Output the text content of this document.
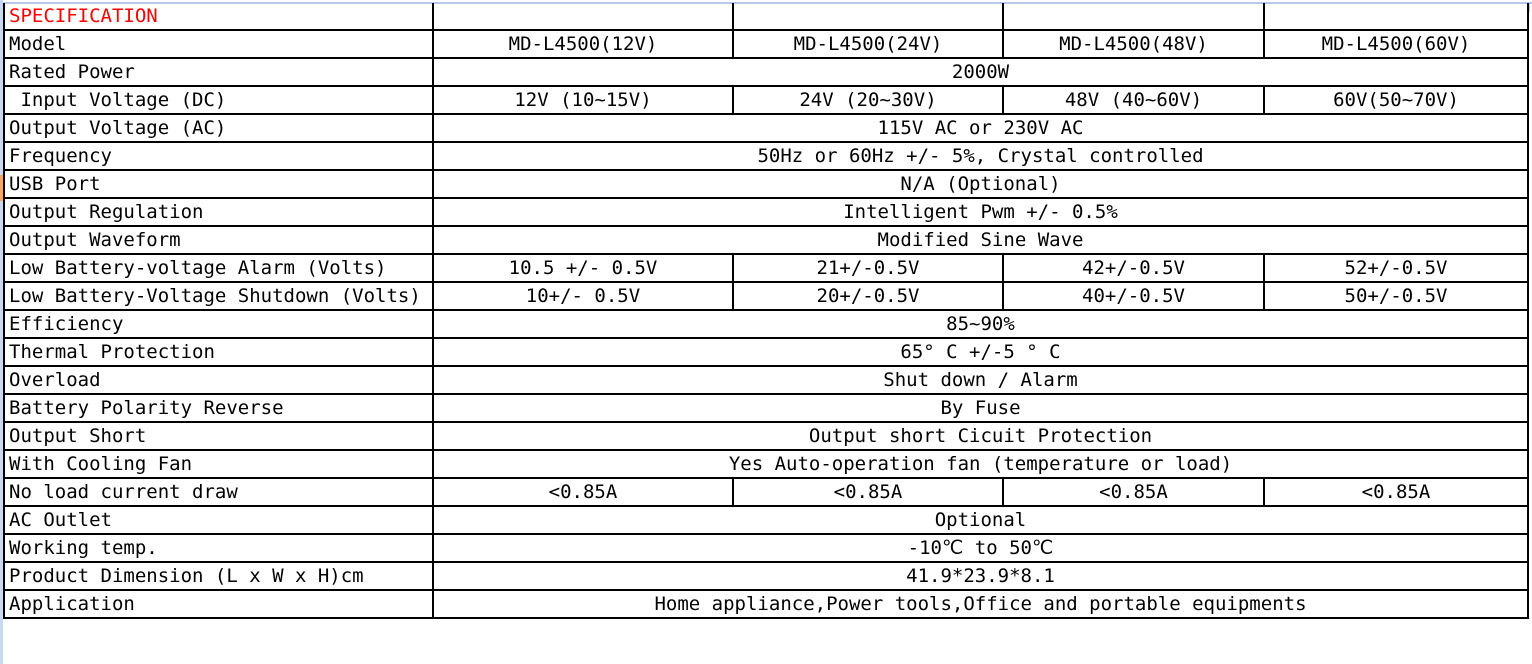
SPECIFICATION				
Model	MD-L4500(12V)	MD-L4500(24V)	MD-L4500(48V)	MD-L4500(60V)
Rated Power	2000W			
Input Voltage (DC)	12V (10~15V)	24V (20~30V)	48V (40~60V)	60V(50~70V)
Output Voltage (AC)	115V AC or 230V AC			
Frequency	50Hz or 60Hz +/- 5%, Crystal controlled			
USB Port	N/A (Optional)			
Output Regulation	Intelligent Pwm +/- 0.5%			
Output Waveform	Modified Sine Wave			
Low Battery-voltage Alarm (Volts)	10.5 +/- 0.5V	21+/-0.5V	42+/-0.5V	52+/-0.5V
Low Battery-Voltage Shutdown (Volts)	10+/- 0.5V	20+/-0.5V	40+/-0.5V	50+/-0.5V
Efficiency	85~90%			
Thermal Protection	65° C +/-5 ° C			
Overload	Shut down / Alarm			
Battery Polarity Reverse	By Fuse			
Output Short	Output short Cicuit Protection			
With Cooling Fan	Yes Auto-operation fan (temperature or load)			
No load current draw	<0.85A	<0.85A	<0.85A	<0.85A
AC Outlet	Optional			
Working temp.	-10℃ to 50℃			
Product Dimension (L x W x H)cm	41.9*23.9*8.1			
Application	Home appliance,Power tools,Office and portable equipments			
